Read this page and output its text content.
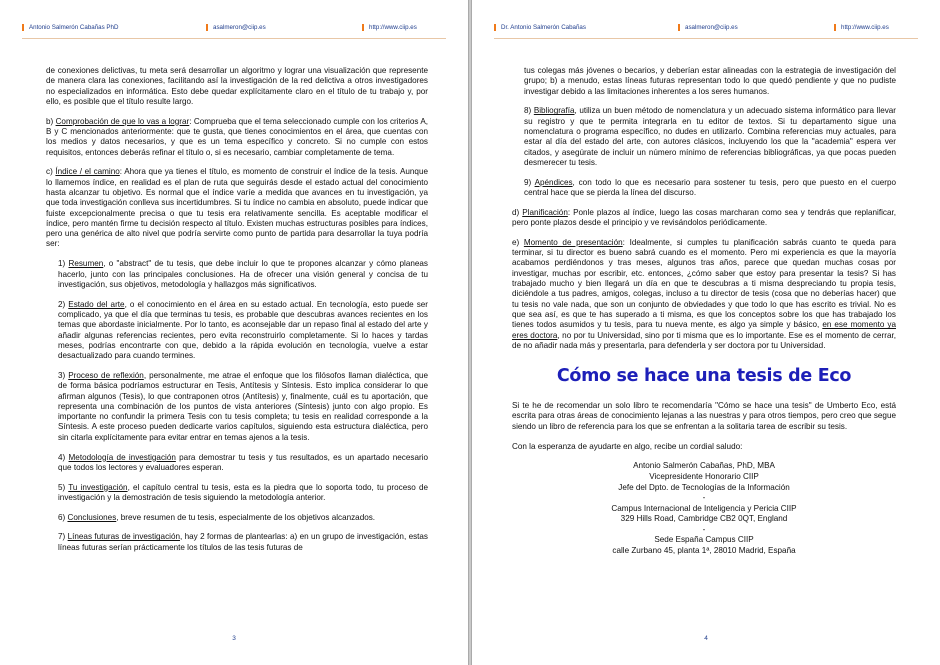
Antonio Salmerón Cabañas PhD	asalmeron@ciip.es	http://www.ciip.es

de conexiones delictivas, tu meta será desarrollar un algoritmo y lograr una visualización que represente de manera clara las conexiones, facilitando así la investigación de la red delictiva a otros investigadores no especializados en informática. Esto debe quedar explícitamente claro en el título de tu trabajo y, por ello, es posible que el título resulte largo.

b) Comprobación de que lo vas a lograr: Comprueba que el tema seleccionado cumple con los criterios A, B y C mencionados anteriormente: que te gusta, que tienes conocimientos en el área, que cuentas con los medios y datos necesarios, y que es un tema específico y concreto. Si no cumple con estos requisitos, entonces deberás refinar el título o, si es necesario, cambiar completamente de tema.

c) Índice / el camino: Ahora que ya tienes el título, es momento de construir el índice de la tesis. Aunque lo llamemos índice, en realidad es el plan de ruta que seguirás desde el estado actual del conocimiento hasta alcanzar tu objetivo. Es normal que el índice varíe a medida que avances en tu investigación, ya que toda investigación conlleva sus incertidumbres. Si tu índice no cambia en absoluto, puede indicar que fuiste excepcionalmente precisa o que tu tesis era relativamente sencilla. Es aceptable modificar el índice, pero mantén firme tu decisión respecto al título. Existen muchas estructuras posibles para índices, pero una genérica de alto nivel que podría servirte como punto de partida para desarrollar la tuya podría ser:

1) Resumen, o "abstract" de tu tesis, que debe incluir lo que te propones alcanzar y cómo planeas hacerlo, junto con las principales conclusiones. Ha de ofrecer una visión general y concisa de tu investigación, sus objetivos, metodología y hallazgos más significativos.

2) Estado del arte, o el conocimiento en el área en su estado actual. En tecnología, esto puede ser complicado, ya que el día que terminas tu tesis, es probable que descubras avances recientes en los temas que abordaste inicialmente. Por lo tanto, es aconsejable dar un repaso final al estado del arte y añadir algunas referencias recientes, pero evita reconstruirlo completamente. Si lo haces y tardas meses, podrías encontrarte con que, debido a la rápida evolución en tecnología, vuelve a estar desactualizado para cuando termines.

3) Proceso de reflexión, personalmente, me atrae el enfoque que los filósofos llaman dialéctica, que de forma básica podríamos estructurar en Tesis, Antítesis y Síntesis. Esto implica considerar lo que afirman algunos (Tesis), lo que contraponen otros (Antítesis) y, finalmente, cuál es tu aportación, que representa una combinación de los puntos de vista anteriores (Síntesis) junto con algo propio. Es importante no confundir la primera Tesis con tu tesis completa; tu tesis en realidad corresponde a la Síntesis. A este proceso pueden dedicarte varios capítulos, siguiendo esta estructura dialéctica, pero sin citarla explícitamente para evitar entrar en temas ajenos a la tesis.

4) Metodología de investigación para demostrar tu tesis y tus resultados, es un apartado necesario que todos los lectores y evaluadores esperan.

5) Tu investigación, el capítulo central tu tesis, esta es la piedra que lo soporta todo, tu proceso de investigación y la demostración de tesis siguiendo la metodología anterior.

6) Conclusiones, breve resumen de tu tesis, especialmente de los objetivos alcanzados.

7) Líneas futuras de investigación, hay 2 formas de plantearlas: a) en un grupo de investigación, estas líneas futuras serían prácticamente los títulos de las tesis futuras de

3
Dr. Antonio Salmerón Cabañas	asalmeron@ciip.es	http://www.ciip.es

tus colegas más jóvenes o becarios, y deberían estar alineadas con la estrategia de investigación del grupo; b) a menudo, estas líneas futuras representan todo lo que quedó pendiente y que no pudiste investigar debido a las limitaciones inherentes a los seres humanos.

8) Bibliografía, utiliza un buen método de nomenclatura y un adecuado sistema informático para llevar su registro y que te permita integrarla en tu editor de textos. Si tu departamento sigue una nomenclatura o programa específico, no dudes en utilizarlo. Combina referencias muy actuales, para estar al día del estado del arte, con autores clásicos, incluyendo los que la "academia" espera ver citados, y asegúrate de incluir un número mínimo de referencias bibliográficas, ya que pocas pueden desmerecer tu tesis.

9) Apéndices, con todo lo que es necesario para sostener tu tesis, pero que puesto en el cuerpo central hace que se pierda la línea del discurso.

d) Planificación: Ponle plazos al índice, luego las cosas marcharan como sea y tendrás que replanificar, pero ponte plazos desde el principio y ve revisándolos periódicamente.

e) Momento de presentación: Idealmente, si cumples tu planificación sabrás cuanto te queda para terminar, si tu director es bueno sabrá cuando es el momento. Pero mi experiencia es que la mayoría acabamos perdiéndonos y tras meses, algunos tras años, parece que quedan muchas cosas por investigar, muchas por escribir, etc. entonces, ¿cómo saber que estoy para presentar la tesis? Si has trabajado mucho y bien llegará un día en que te descubras a ti misma despreciando tu propia tesis, diciéndole a tus padres, amigos, colegas, incluso a tu director de tesis (cosa que no deberías hacer) que tu tesis no vale nada, que son un conjunto de obviedades y que todo lo que has escrito es trivial. No es que sea así, es que te has superado a ti misma, es que los conceptos sobre los que has trabajado los tienes todos asumidos y tu tesis, para tu nueva mente, es algo ya simple y básico, en ese momento ya eres doctora, no por tu Universidad, sino por ti misma que es lo importante. Ese es el momento de cerrar, de no añadir nada más y presentarla, para defenderla y ser doctora por tu Universidad.

Cómo se hace una tesis de Eco

Si te he de recomendar un solo libro te recomendaría "Cómo se hace una tesis" de Umberto Eco, está escrita para otras áreas de conocimiento lejanas a las nuestras y para otros tiempos, pero creo que segue siendo un libro de referencia para los que se enfrentan a la solitaria tarea de escribir su tesis.

Con la esperanza de ayudarte en algo, recibe un cordial saludo:

Antonio Salmerón Cabañas, PhD, MBA

Vicepresidente Honorario CIIP

Jefe del Dpto. de Tecnologías de la Información

-

Campus Internacional de Inteligencia y Pericia CIIP

329 Hills Road, Cambridge CB2 0QT, England

-

Sede España Campus CIIP

calle Zurbano 45, planta 1ª, 28010 Madrid, España

4
